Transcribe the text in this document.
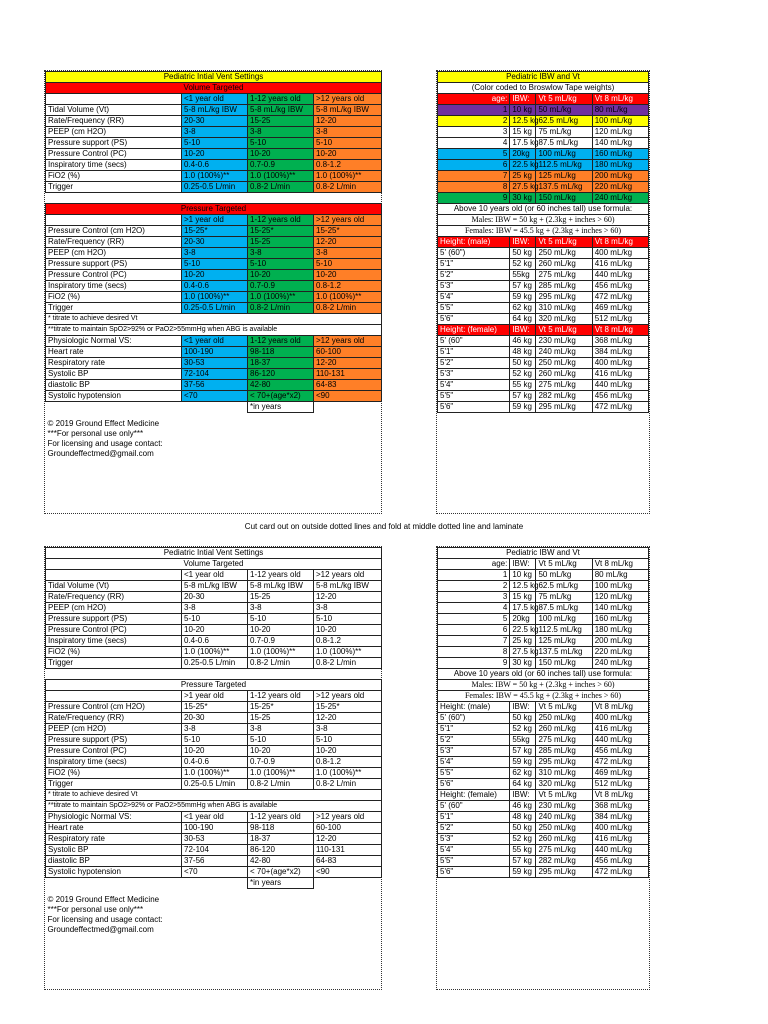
Pediatric Intial Vent Settings			
Volume Targeted			
	<1 year old	1-12 years old	>12 years old
Tidal Volume (Vt)	5-8 mL/kg IBW	5-8 mL/kg IBW	5-8 mL/kg IBW
Rate/Frequency (RR)	20-30	15-25	12-20
PEEP (cm H2O)	3-8	3-8	3-8
Pressure support (PS)	5-10	5-10	5-10
Pressure Control (PC)	10-20	10-20	10-20
Inspiratory time (secs)	0.4-0.6	0.7-0.9	0.8-1.2
FiO2 (%)	1.0 (100%)**	1.0 (100%)**	1.0 (100%)**
Trigger	0.25-0.5 L/min	0.8-2 L/min	0.8-2 L/min

Pressure Targeted			
	>1 year old	1-12 years old	>12 years old
Pressure Control (cm H2O)	15-25*	15-25*	15-25*
Rate/Frequency (RR)	20-30	15-25	12-20
PEEP (cm H2O)	3-8	3-8	3-8
Pressure support (PS)	5-10	5-10	5-10
Pressure Control (PC)	10-20	10-20	10-20
Inspiratory time (secs)	0.4-0.6	0.7-0.9	0.8-1.2
FiO2 (%)	1.0 (100%)**	1.0 (100%)**	1.0 (100%)**
Trigger	0.25-0.5 L/min	0.8-2 L/min	0.8-2 L/min
* titrate to achieve desired Vt			
**titrate to maintain SpO2>92% or PaO2>55mmHg when ABG is available			
Physiologic Normal VS:	<1 year old	1-12 years old	>12 years old
Heart rate	100-190	98-118	60-100
Respiratory rate	30-53	18-37	12-20
Systolic BP	72-104	86-120	110-131
diastolic BP	37-56	42-80	64-83
Systolic hypotension	<70	< 70+(age*x2)	<90
		*in years	

© 2019 Ground Effect Medicine			
***For personal use only***			
For licensing and usage contact:			
Groundeffectmed@gmail.com			
Pediatric IBW and Vt			
(Color coded to Broswlow Tape weights)			
age:	IBW:	Vt 5 mL/kg	Vt 8 mL/kg
1	10 kg	50 mL/kg	80 mL/kg
2	12.5 kg	62.5 mL/kg	100 mL/kg
3	15 kg	75 mL/kg	120 mL/kg
4	17.5 kg	87.5 mL/kg	140 mL/kg
5	20kg	100 mL/kg	160 mL/kg
6	22.5 kg	112.5 mL/kg	180 mL/kg
7	25 kg	125 mL/kg	200 mL/kg
8	27.5 kg	137.5 mL/kg	220 mL/kg
9	30 kg	150 mL/kg	240 mL/kg
Above 10 years old (or 60 inches tall) use formula:			
Males: IBW = 50 kg + (2.3kg + inches > 60)			
Females: IBW = 45.5 kg + (2.3kg + inches > 60)			
Height: (male)	IBW:	Vt 5 mL/kg	Vt 8 mL/kg
5' (60")	50 kg	250 mL/kg	400 mL/kg
5'1"	52 kg	260 mL/kg	416 mL/kg
5'2"	55kg	275 mL/kg	440 mL/kg
5'3"	57 kg	285 mL/kg	456 mL/kg
5'4"	59 kg	295 mL/kg	472 mL/kg
5'5"	62 kg	310 mL/kg	469 mL/kg
5'6"	64 kg	320 mL/kg	512 mL/kg
Height: (female)	IBW:	Vt 5 mL/kg	Vt 8 mL/kg
5' (60"	46 kg	230 mL/kg	368 mL/kg
5'1"	48 kg	240 mL/kg	384 mL/kg
5'2"	50 kg	250 mL/kg	400 mL/kg
5'3"	52 kg	260 mL/kg	416 mL/kg
5'4"	55 kg	275 mL/kg	440 mL/kg
5'5"	57 kg	282 mL/kg	456 mL/kg
5'6"	59 kg	295 mL/kg	472 mL/kg
Cut card out on outside dotted lines and fold at middle dotted line and laminate
Pediatric Intial Vent Settings			
Volume Targeted			
	<1 year old	1-12 years old	>12 years old
Tidal Volume (Vt)	5-8 mL/kg IBW	5-8 mL/kg IBW	5-8 mL/kg IBW
Rate/Frequency (RR)	20-30	15-25	12-20
PEEP (cm H2O)	3-8	3-8	3-8
Pressure support (PS)	5-10	5-10	5-10
Pressure Control (PC)	10-20	10-20	10-20
Inspiratory time (secs)	0.4-0.6	0.7-0.9	0.8-1.2
FiO2 (%)	1.0 (100%)**	1.0 (100%)**	1.0 (100%)**
Trigger	0.25-0.5 L/min	0.8-2 L/min	0.8-2 L/min

Pressure Targeted			
	>1 year old	1-12 years old	>12 years old
Pressure Control (cm H2O)	15-25*	15-25*	15-25*
Rate/Frequency (RR)	20-30	15-25	12-20
PEEP (cm H2O)	3-8	3-8	3-8
Pressure support (PS)	5-10	5-10	5-10
Pressure Control (PC)	10-20	10-20	10-20
Inspiratory time (secs)	0.4-0.6	0.7-0.9	0.8-1.2
FiO2 (%)	1.0 (100%)**	1.0 (100%)**	1.0 (100%)**
Trigger	0.25-0.5 L/min	0.8-2 L/min	0.8-2 L/min
* titrate to achieve desired Vt			
**titrate to maintain SpO2>92% or PaO2>55mmHg when ABG is available			
Physiologic Normal VS:	<1 year old	1-12 years old	>12 years old
Heart rate	100-190	98-118	60-100
Respiratory rate	30-53	18-37	12-20
Systolic BP	72-104	86-120	110-131
diastolic BP	37-56	42-80	64-83
Systolic hypotension	<70	< 70+(age*x2)	<90
		*in years	

© 2019 Ground Effect Medicine			
***For personal use only***			
For licensing and usage contact:			
Groundeffectmed@gmail.com			
Pediatric IBW and Vt			
age:	IBW:	Vt 5 mL/kg	Vt 8 mL/kg
1	10 kg	50 mL/kg	80 mL/kg
2	12.5 kg	62.5 mL/kg	100 mL/kg
3	15 kg	75 mL/kg	120 mL/kg
4	17.5 kg	87.5 mL/kg	140 mL/kg
5	20kg	100 mL/kg	160 mL/kg
6	22.5 kg	112.5 mL/kg	180 mL/kg
7	25 kg	125 mL/kg	200 mL/kg
8	27.5 kg	137.5 mL/kg	220 mL/kg
9	30 kg	150 mL/kg	240 mL/kg
Above 10 years old (or 60 inches tall) use formula:			
Males: IBW = 50 kg + (2.3kg + inches > 60)			
Females: IBW = 45.5 kg + (2.3kg + inches > 60)			
Height: (male)	IBW:	Vt 5 mL/kg	Vt 8 mL/kg
5' (60")	50 kg	250 mL/kg	400 mL/kg
5'1"	52 kg	260 mL/kg	416 mL/kg
5'2"	55kg	275 mL/kg	440 mL/kg
5'3"	57 kg	285 mL/kg	456 mL/kg
5'4"	59 kg	295 mL/kg	472 mL/kg
5'5"	62 kg	310 mL/kg	469 mL/kg
5'6"	64 kg	320 mL/kg	512 mL/kg
Height: (female)	IBW:	Vt 5 mL/kg	Vt 8 mL/kg
5' (60"	46 kg	230 mL/kg	368 mL/kg
5'1"	48 kg	240 mL/kg	384 mL/kg
5'2"	50 kg	250 mL/kg	400 mL/kg
5'3"	52 kg	260 mL/kg	416 mL/kg
5'4"	55 kg	275 mL/kg	440 mL/kg
5'5"	57 kg	282 mL/kg	456 mL/kg
5'6"	59 kg	295 mL/kg	472 mL/kg
